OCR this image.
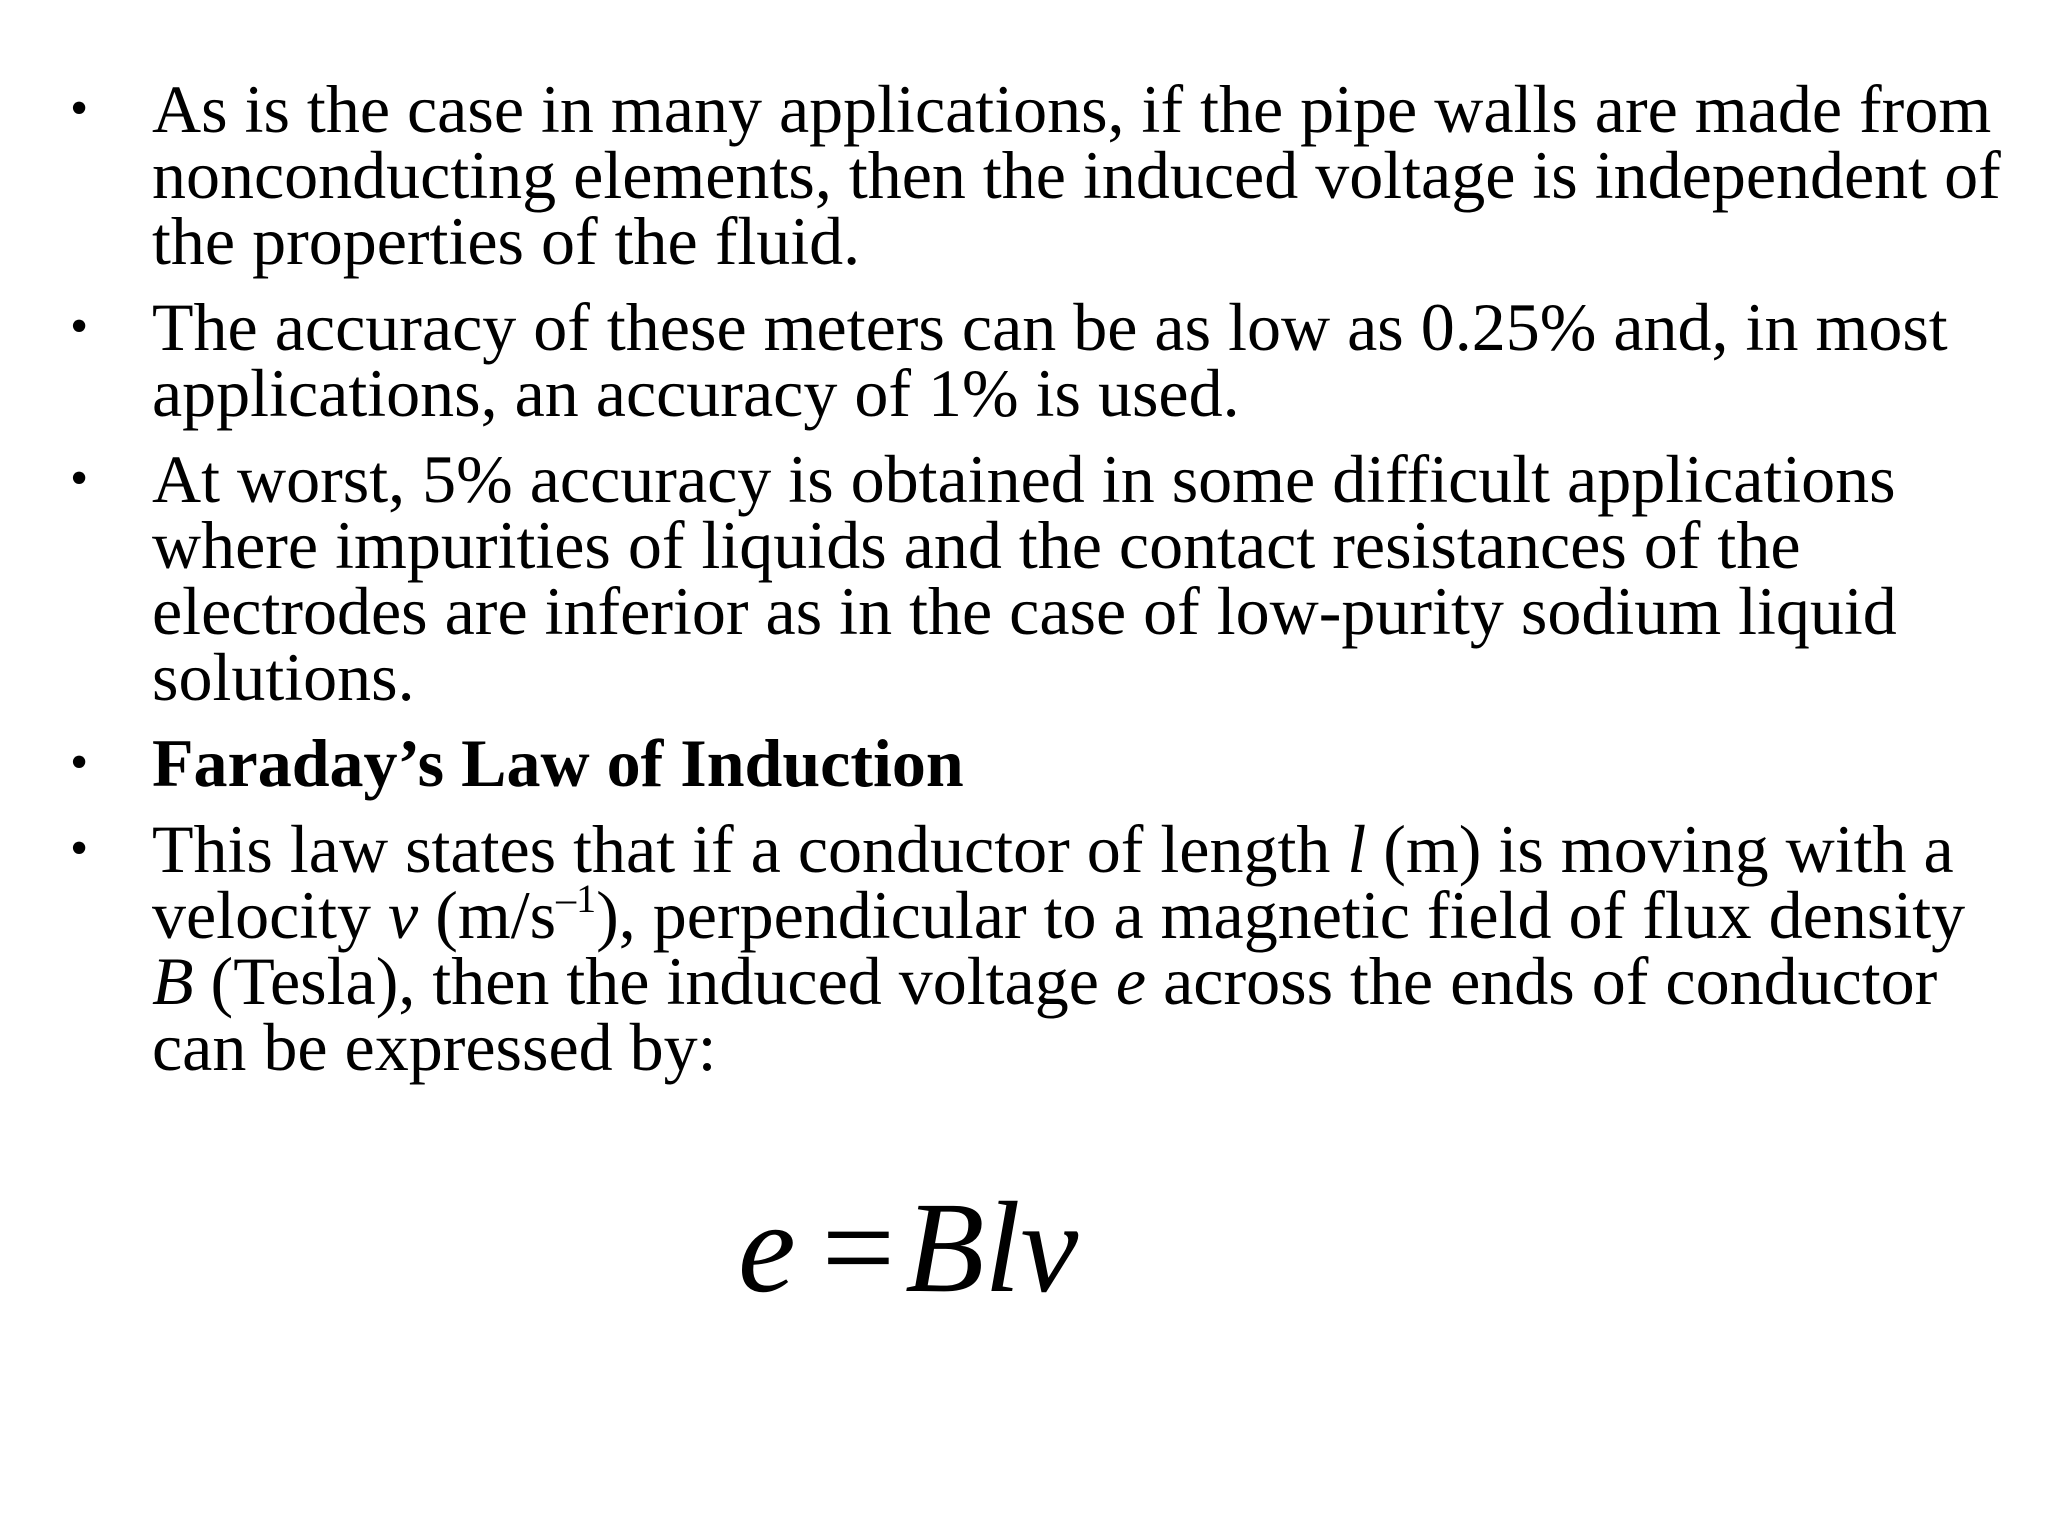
• As is the case in many applications, if the pipe walls are made from nonconducting elements, then the induced voltage is independent of the properties of the fluid.
• The accuracy of these meters can be as low as 0.25% and, in most applications, an accuracy of 1% is used.
• At worst, 5% accuracy is obtained in some difficult applications where impurities of liquids and the contact resistances of the electrodes are inferior as in the case of low-purity sodium liquid solutions.
• Faraday’s Law of Induction
• This law states that if a conductor of length l (m) is moving with a velocity v $(m/s^{-1})$, perpendicular to a magnetic field of flux density B (Tesla), then the induced voltage e across the ends of conductor can be expressed by:
e =Blv
